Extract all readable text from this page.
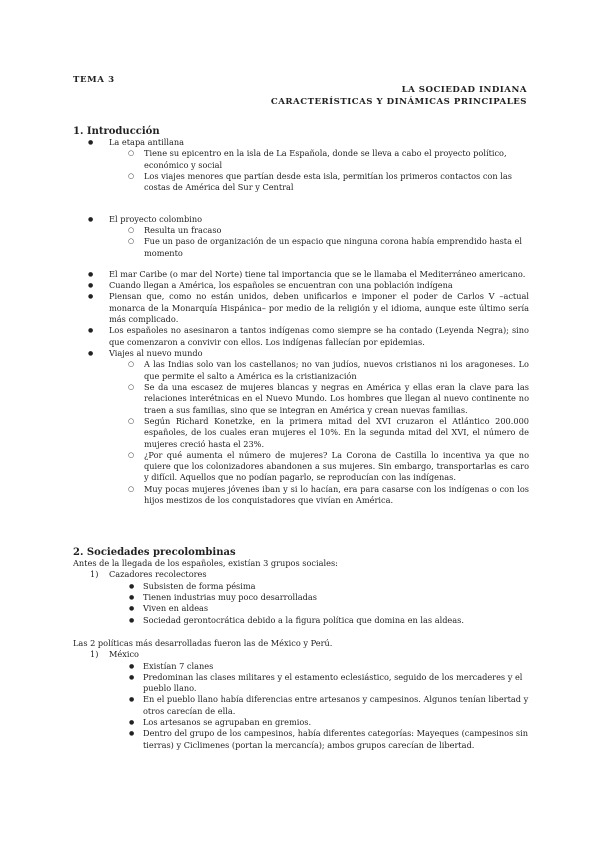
TEMA 3
LA SOCIEDAD INDIANA
CARACTERÍSTICAS Y DINÁMICAS PRINCIPALES
1. Introducción
● La etapa antillana
○ Tiene su epicentro en la isla de La Española, donde se lleva a cabo el proyecto político, económico y social
○ Los viajes menores que partían desde esta isla, permitían los primeros contactos con las costas de América del Sur y Central
● El proyecto colombino
○ Resulta un fracaso
○ Fue un paso de organización de un espacio que ninguna corona había emprendido hasta el momento
● El mar Caribe (o mar del Norte) tiene tal importancia que se le llamaba el Mediterráneo americano.
● Cuando llegan a América, los españoles se encuentran con una población indígena
● Piensan que, como no están unidos, deben unificarlos e imponer el poder de Carlos V –actual monarca de la Monarquía Hispánica– por medio de la religión y el idioma, aunque este último sería más complicado.
● Los españoles no asesinaron a tantos indígenas como siempre se ha contado (Leyenda Negra); sino que comenzaron a convivir con ellos. Los indígenas fallecían por epidemias.
● Viajes al nuevo mundo
○ A las Indias solo van los castellanos; no van judíos, nuevos cristianos ni los aragoneses. Lo que permite el salto a América es la cristianización
○ Se da una escasez de mujeres blancas y negras en América y ellas eran la clave para las relaciones interétnicas en el Nuevo Mundo. Los hombres que llegan al nuevo continente no traen a sus familias, sino que se integran en América y crean nuevas familias.
○ Según Richard Konetzke, en la primera mitad del XVI cruzaron el Atlántico 200.000 españoles, de los cuales eran mujeres el 10%. En la segunda mitad del XVI, el número de mujeres creció hasta el 23%.
○ ¿Por qué aumenta el número de mujeres? La Corona de Castilla lo incentiva ya que no quiere que los colonizadores abandonen a sus mujeres. Sin embargo, transportarlas es caro y difícil. Aquellos que no podían pagarlo, se reproducían con las indígenas.
○ Muy pocas mujeres jóvenes iban y si lo hacían, era para casarse con los indígenas o con los hijos mestizos de los conquistadores que vivían en América.
2. Sociedades precolombinas

Antes de la llegada de los españoles, existían 3 grupos sociales:

1) Cazadores recolectores
● Subsisten de forma pésima
● Tienen industrias muy poco desarrolladas
● Viven en aldeas
● Sociedad gerontocrática debido a la figura política que domina en las aldeas.

Las 2 políticas más desarrolladas fueron las de México y Perú.

1) México
● Existían 7 clanes
● Predominan las clases militares y el estamento eclesiástico, seguido de los mercaderes y el pueblo llano.
● En el pueblo llano había diferencias entre artesanos y campesinos. Algunos tenían libertad y otros carecían de ella.
● Los artesanos se agrupaban en gremios.
● Dentro del grupo de los campesinos, había diferentes categorías: Mayeques (campesinos sin tierras) y Ciclimenes (portan la mercancía); ambos grupos carecían de libertad.
